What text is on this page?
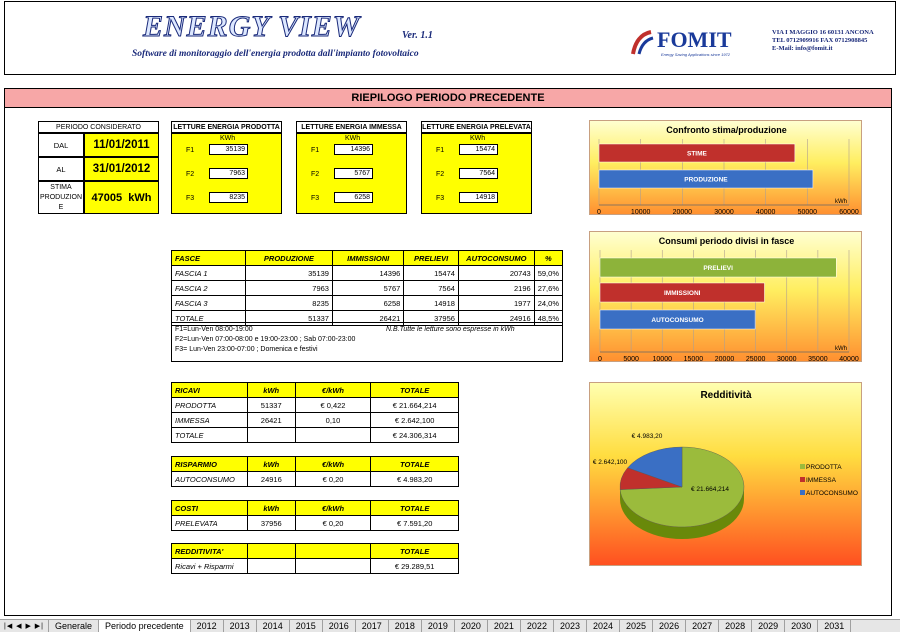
ENERGY VIEW	Ver. 1.1
Software di monitoraggio dell'energia prodotta dall'impianto fotovoltaico
FOMIT
Energy Saving Applications since 1972
VIA I MAGGIO 16 60131 ANCONA
TEL 0712909916 FAX 0712908845
E-Mail: info@fomit.it
RIEPILOGO PERIODO PRECEDENTE
PERIODO CONSIDERATO
DAL	11/01/2011
AL	31/01/2012
STIMA PRODUZION E
47005  kWh
LETTURE ENERGIA PRODOTTA
KWh
F1	35139
F2	7963
F3	8235
LETTURE ENERGIA IMMESSA
KWh
F1	14396
F2	5767
F3	6258
LETTURE ENERGIA PRELEVATA
KWh
F1	15474
F2	7564
F3	14918
FASCE	PRODUZIONE	IMMISSIONI	PRELIEVI	AUTOCONSUMO	%
FASCIA 1	35139	14396	15474	20743	59,0%
FASCIA 2	7963	5767	7564	2196	27,6%
FASCIA 3	8235	6258	14918	1977	24,0%
TOTALE	51337	26421	37956	24916	48,5%
F1=Lun-Ven 08:00-19:00
F2=Lun-Ven 07:00-08:00 e 19:00-23:00 ; Sab 07:00-23:00
F3= Lun-Ven 23:00-07:00 ; Domenica e festivi
N.B.Tutte le letture sono espresse in kWh
RICAVI	kWh	€/kWh	TOTALE
PRODOTTA	51337	€ 0,422	€ 21.664,214
IMMESSA	26421	0,10	€ 2.642,100
TOTALE			€ 24.306,314
RISPARMIO	kWh	€/kWh	TOTALE
AUTOCONSUMO	24916	€ 0,20	€ 4.983,20
COSTI	kWh	€/kWh	TOTALE
PRELEVATA	37956	€ 0,20	€ 7.591,20
REDDITIVITA'			TOTALE
Ricavi + Risparmi			€ 29.289,51
Confronto stima/produzione
0	10000	20000	30000	40000	50000	60000
kWh
STIME
PRODUZIONE
Consumi periodo divisi in fasce
0	5000 10000 15000 20000 25000 30000 35000 40000
kWh
PRELIEVI
IMMISSIONI
AUTOCONSUMO
Redditività
€ 21.664,214
€ 2.642,100
€ 4.983,20
PRODOTTA
IMMESSA
AUTOCONSUMO
|◀ ◀ ▶ ▶|	Generale	Periodo precedente	2012	2013	2014	2015	2016	2017	2018	2019	2020	2021	2022	2023	2024	2025	2026	2027	2028	2029	2030	2031
